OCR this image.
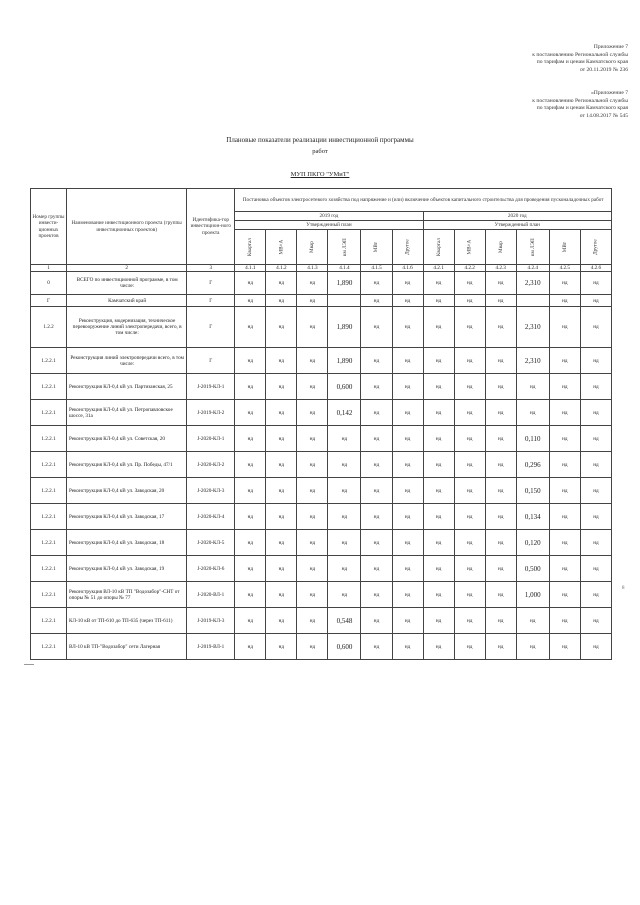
Приложение 7
к постановлению Региональной службы
по тарифам и ценам Камчатского края
от 20.11.2019 № 236
«Приложение 7
к постановлению Региональной службы
по тарифам и ценам Камчатского края
от 14.08.2017 № 545
Плановые показатели реализации инвестиционной программы
работ
МУП ПКГО "УМиТ"
Номер группы инвести-ционных проектов	Наименование инвестиционного проекта (группы инвестиционных проектов)	Идентифика-тор инвестицион-ного проекта	Постановка объектов электросетевого хозяйства под напряжение и (или) включение объектов капитального строительства для проведения пусконаладочных работ											
			2019 год						2020 год					
			Утвержденный план						Утвержденный план					
			Квартал	МВ×А	Мвар	км ЛЭП	МВт	Другое	Квартал	МВ×А	Мвар	км ЛЭП	МВт	Другое
1	2	3	4.1.1	4.1.2	4.1.3	4.1.4	4.1.5	4.1.6	4.2.1	4.2.2	4.2.3	4.2.4	4.2.5	4.2.6
0	ВСЕГО по инвестиционной программе, в том числе:	Г	нд	нд	нд	1,890	нд	нд	нд	нд	нд	2,310	нд	нд
Г	Камчатский край	Г	нд	нд	нд		нд	нд	нд	нд	нд		нд	нд
1.2.2	Реконструкция, модернизация, техническое перевооружение линий электропередачи, всего, в том числе:	Г	нд	нд	нд	1,890	нд	нд	нд	нд	нд	2,310	нд	нд
1.2.2.1	Реконструкция линий электропередачи всего, в том числе:	Г	нд	нд	нд	1,890	нд	нд	нд	нд	нд	2,310	нд	нд
1.2.2.1	Реконструкция КЛ-0,4 кВ ул. Партизанская, 25	J-2019-КЛ-1	нд	нд	нд	0,600	нд	нд	нд	нд	нд	нд	нд	нд
1.2.2.1	Реконструкция КЛ-0,4 кВ ул. Петропавловское шоссе, 31а	J-2019-КЛ-2	нд	нд	нд	0,142	нд	нд	нд	нд	нд	нд	нд	нд
1.2.2.1	Реконструкция КЛ-0,4 кВ ул. Советская, 20	J-2020-КЛ-1	нд	нд	нд	нд	нд	нд	нд	нд	нд	0,110	нд	нд
1.2.2.1	Реконструкция КЛ-0,4 кВ ул. Пр. Победы, 47/1	J-2020-КЛ-2	нд	нд	нд	нд	нд	нд	нд	нд	нд	0,296	нд	нд
1.2.2.1	Реконструкция КЛ-0,4 кВ ул. Заводская, 20	J-2020-КЛ-3	нд	нд	нд	нд	нд	нд	нд	нд	нд	0,150	нд	нд
1.2.2.1	Реконструкция КЛ-0,4 кВ ул. Заводская, 17	J-2020-КЛ-4	нд	нд	нд	нд	нд	нд	нд	нд	нд	0,134	нд	нд
1.2.2.1	Реконструкция КЛ-0,4 кВ ул. Заводская, 18	J-2020-КЛ-5	нд	нд	нд	нд	нд	нд	нд	нд	нд	0,120	нд	нд
1.2.2.1	Реконструкция КЛ-0,4 кВ ул. Заводская, 19	J-2020-КЛ-6	нд	нд	нд	нд	нд	нд	нд	нд	нд	0,500	нд	нд
1.2.2.1	Реконструкция ВЛ-10 кВ ТП "Водозабор"-СНТ от опоры № 51 до опоры № 77	J-2020-ВЛ-1	нд	нд	нд	нд	нд	нд	нд	нд	нд	1,000	нд	нд
1.2.2.1	КЛ-10 кВ от ТП-610 до ТП-635 (через ТП-611)	J-2019-КЛ-3	нд	нд	нд	0,548	нд	нд	нд	нд	нд	нд	нд	нд
1.2.2.1	ВЛ-10 кВ ТП-"Водозабор" сети Лагерная	J-2019-ВЛ-1	нд	нд	нд	0,600	нд	нд	нд	нд	нд	нд	нд	нд
8
